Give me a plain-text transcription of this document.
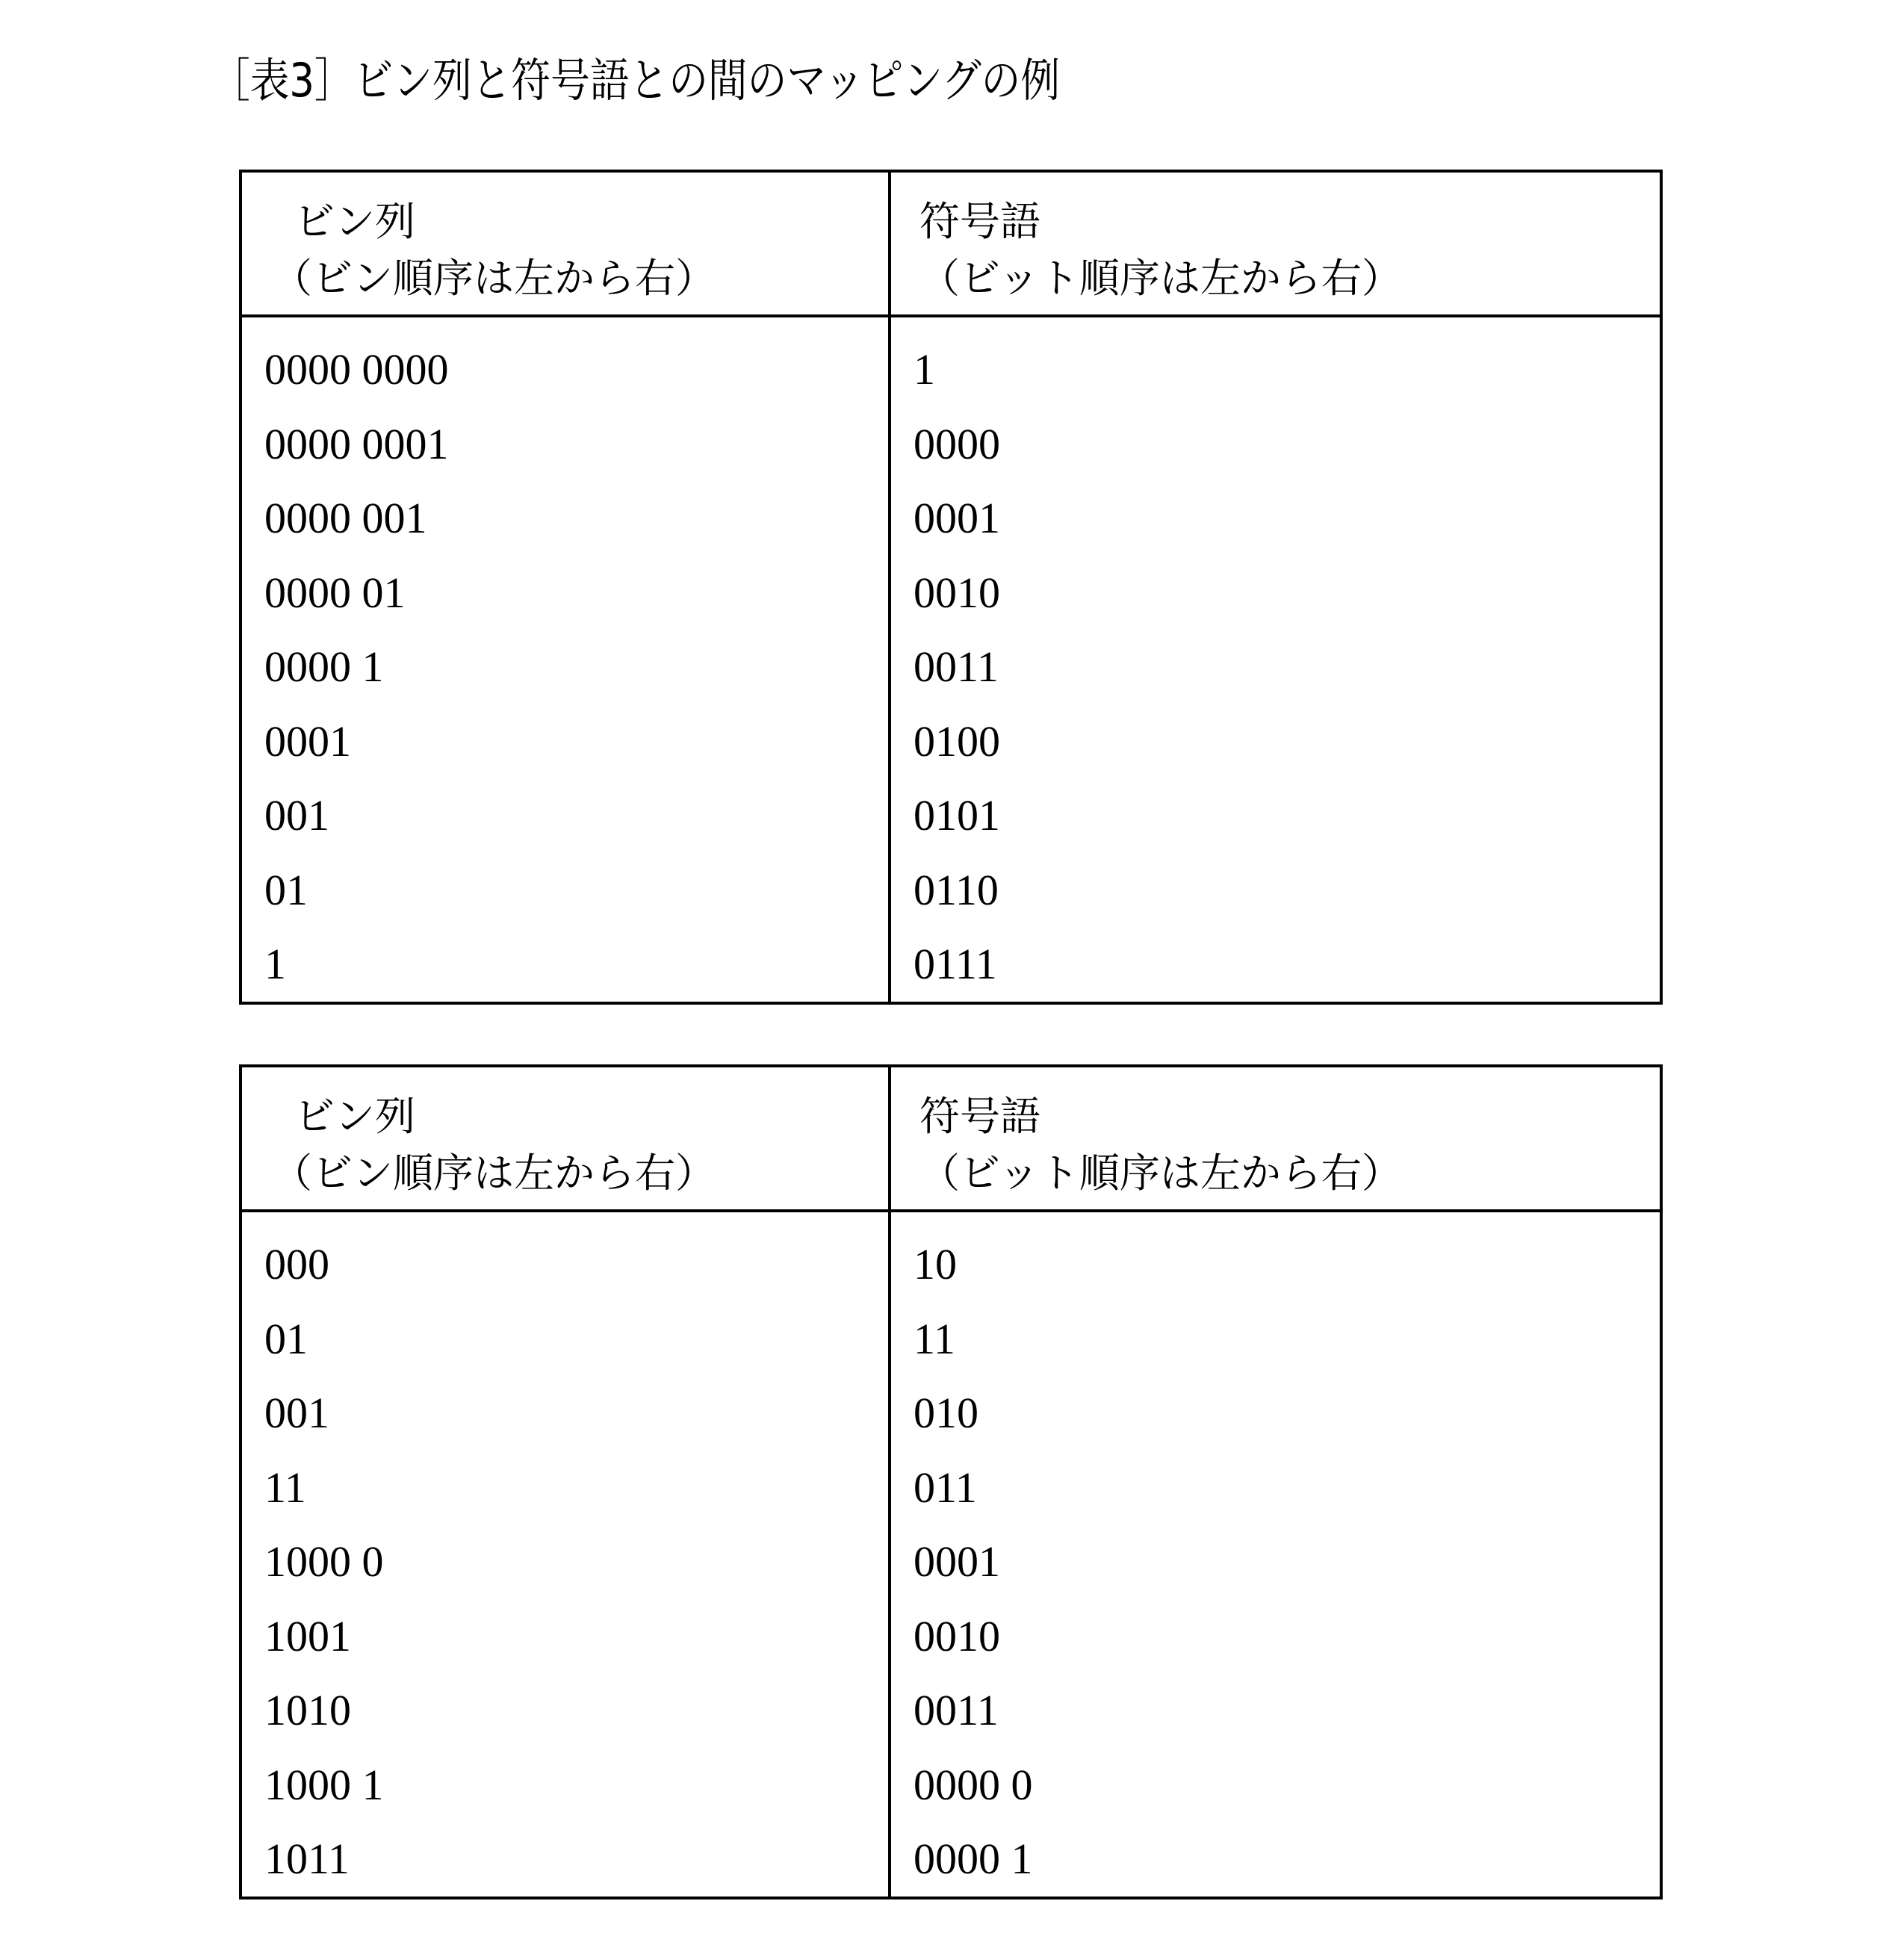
［表3］ビン列と符号語との間のマッピングの例
ビン列
（ビン順序は左から右）	
符号語
（ビット順序は左から右）

0000 0000
0000 0001
0000 001
0000 01
0000 1
0001
001
01
1

1
0000
0001
0010
0011
0100
0101
0110
0111
ビン列
（ビン順序は左から右）	
符号語
（ビット順序は左から右）

000
01
001
11
1000 0
1001
1010
1000 1
1011

10
11
010
011
0001
0010
0011
0000 0
0000 1
